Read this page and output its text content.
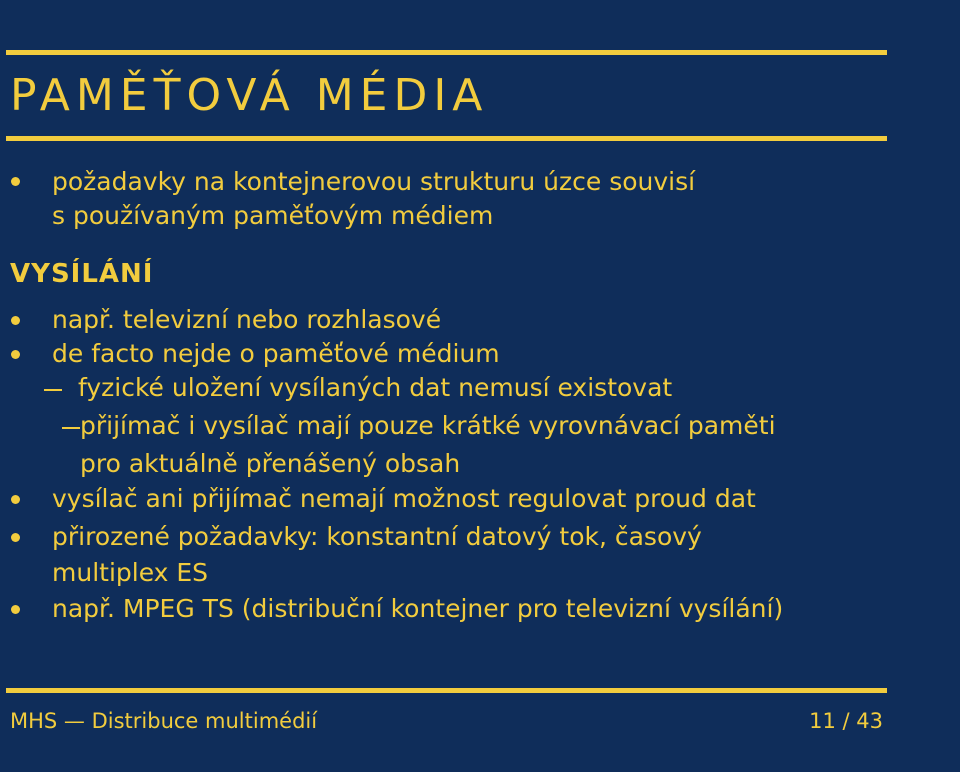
PAMĚŤOVÁ MÉDIA
požadavky na kontejnerovou strukturu úzce souvisí
s používaným paměťovým médiem
VYSÍLÁNÍ
např. televizní nebo rozhlasové
de facto nejde o paměťové médium
fyzické uložení vysílaných dat nemusí existovat
přijímač i vysílač mají pouze krátké vyrovnávací paměti
pro aktuálně přenášený obsah
vysílač ani přijímač nemají možnost regulovat proud dat
přirozené požadavky: konstantní datový tok, časový
multiplex ES
např. MPEG TS (distribuční kontejner pro televizní vysílání)
MHS — Distribuce multimédií	11 / 43
